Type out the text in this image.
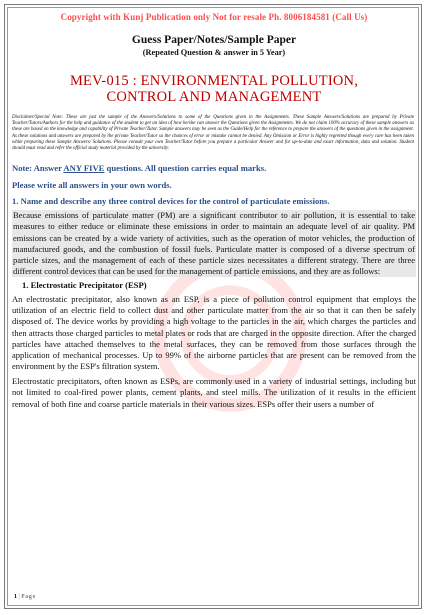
Copyright with Kunj Publication only Not for resale Ph. 8006184581 (Call Us)
Guess Paper/Notes/Sample Paper
(Repeated Question & answer in 5 Year)
MEV-015 : ENVIRONMENTAL POLLUTION,
CONTROL AND MANAGEMENT
Disclaimer/Special Note: These are just the sample of the Answers/Solutions to some of the Questions given in the Assignments. These Sample Answers/Solutions are prepared by Private Teacher/Tutors/Authors for the help and guidance of the student to get an idea of how he/she can answer the Questions given the Assignments. We do not claim 100% accuracy of these sample answers as these are based on the knowledge and capability of Private Teacher/Tutor. Sample answers may be seen as the Guide/Help for the reference to prepare the answers of the questions given in the assignment. As these solutions and answers are prepared by the private Teacher/Tutor so the chances of error or mistake cannot be denied. Any Omission or Error is highly regretted though every care has been taken while preparing these Sample Answers/ Solutions. Please consult your own Teacher/Tutor before you prepare a particular Answer and for up-to-date and exact information, data and solution. Student should must read and refer the official study material provided by the university.
Note: Answer ANY FIVE questions. All question carries equal marks.
Please write all answers in your own words.
1. Name and describe any three control devices for the control of particulate emissions.
Because emissions of particulate matter (PM) are a significant contributor to air pollution, it is essential to take measures to either reduce or eliminate these emissions in order to maintain an adequate level of air quality. PM emissions can be created by a wide variety of activities, such as the operation of motor vehicles, the production of manufactured goods, and the combustion of fossil fuels. Particulate matter is composed of a diverse spectrum of particle sizes, and the management of each of these particle sizes necessitates a different strategy. There are three different control devices that can be used for the management of particle emissions, and they are as follows:
1. Electrostatic Precipitator (ESP)
An electrostatic precipitator, also known as an ESP, is a piece of pollution control equipment that employs the utilization of an electric field to collect dust and other particulate matter from the air so that it can then be safely disposed of. The device works by providing a high voltage to the particles in the air, which charges the particles and then attracts those charged particles to metal plates or rods that are charged in the opposite direction. After the charged particles have attached themselves to the metal surfaces, they can be removed from those surfaces through the application of mechanical processes. Up to 99% of the airborne particles that are present can be removed from the environment by the ESP's filtration system.
Electrostatic precipitators, often known as ESPs, are commonly used in a variety of industrial settings, including but not limited to coal-fired power plants, cement plants, and steel mills. The utilization of it results in the efficient removal of both fine and coarse particle materials in their various sizes. ESPs offer their users a number of
1 | Page
